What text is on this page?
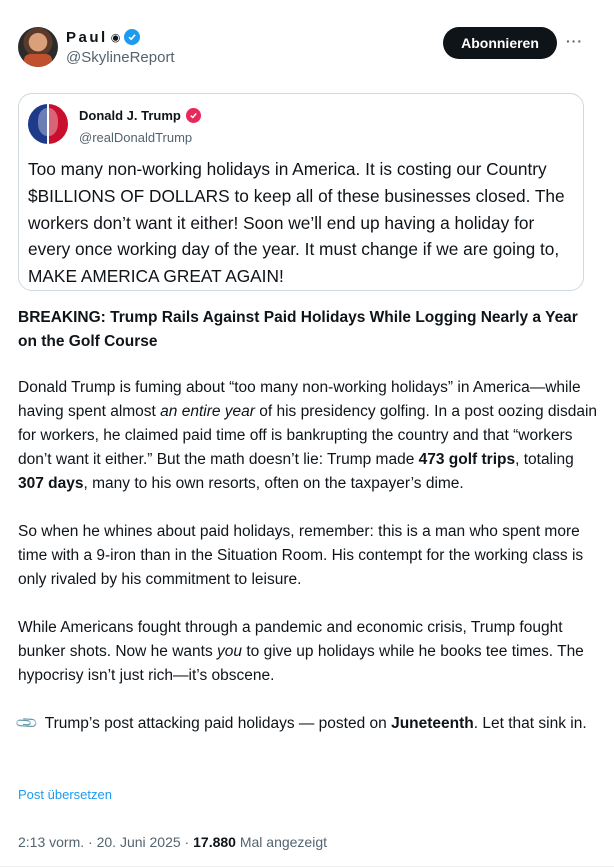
Paul ◉
@SkylineReport
Abonnieren	···
Donald J. Trump
@realDonaldTrump
Too many non-working holidays in America. It is costing our Country $BILLIONS OF DOLLARS to keep all of these businesses closed. The workers don’t want it either! Soon we’ll end up having a holiday for every once working day of the year. It must change if we are going to, MAKE AMERICA GREAT AGAIN!
BREAKING: Trump Rails Against Paid Holidays While Logging Nearly a Year on the Golf Course

Donald Trump is fuming about “too many non-working holidays” in America—while having spent almost an entire year of his presidency golfing. In a post oozing disdain for workers, he claimed paid time off is bankrupting the country and that “workers don’t want it either.” But the math doesn’t lie: Trump made 473 golf trips, totaling 307 days, many to his own resorts, often on the taxpayer’s dime.

So when he whines about paid holidays, remember: this is a man who spent more time with a 9-iron than in the Situation Room. His contempt for the working class is only rivaled by his commitment to leisure.

While Americans fought through a pandemic and economic crisis, Trump fought bunker shots. Now he wants you to give up holidays while he books tee times. The hypocrisy isn’t just rich—it’s obscene.

📎 Trump’s post attacking paid holidays — posted on Juneteenth. Let that sink in.

Post übersetzen
2:13 vorm. · 20. Juni 2025 · 17.880 Mal angezeigt
